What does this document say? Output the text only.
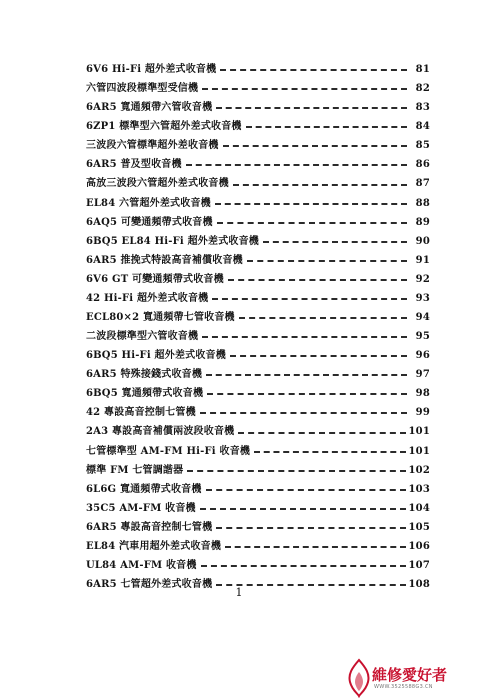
6V6 Hi-Fi 超外差式收音機	81
六管四波段標準型受信機	82
6AR5 寬通頻帶六管收音機	83
6ZP1 標準型六管超外差式收音機	84
三波段六管標準超外差收音機	85
6AR5 普及型收音機	86
高放三波段六管超外差式收音機	87
EL84 六管超外差式收音機	88
6AQ5 可變通頻帶式收音機	89
6BQ5 EL84 Hi-Fi 超外差式收音機	90
6AR5 推挽式特設高音補償收音機	91
6V6 GT 可變通頻帶式收音機	92
42 Hi-Fi 超外差式收音機	93
ECL80×2 寬通頻帶七管收音機	94
二波段標準型六管收音機	95
6BQ5 Hi-Fi 超外差式收音機	96
6AR5 特殊接錢式收音機	97
6BQ5 寬通頻帶式收音機	98
42 專設高音控制七管機	99
2A3 專設高音補償兩波段收音機	101
七管標準型 AM-FM Hi-Fi 收音機	101
標準 FM 七管調諧器	102
6L6G 寬通頻帶式收音機	103
35C5 AM-FM 收音機	104
6AR5 專設高音控制七管機	105
EL84 汽車用超外差式收音機	106
UL84 AM-FM 收音機	107
6AR5 七管超外差式收音機	108
1
維修愛好者
WWW.3525588G3.CN
